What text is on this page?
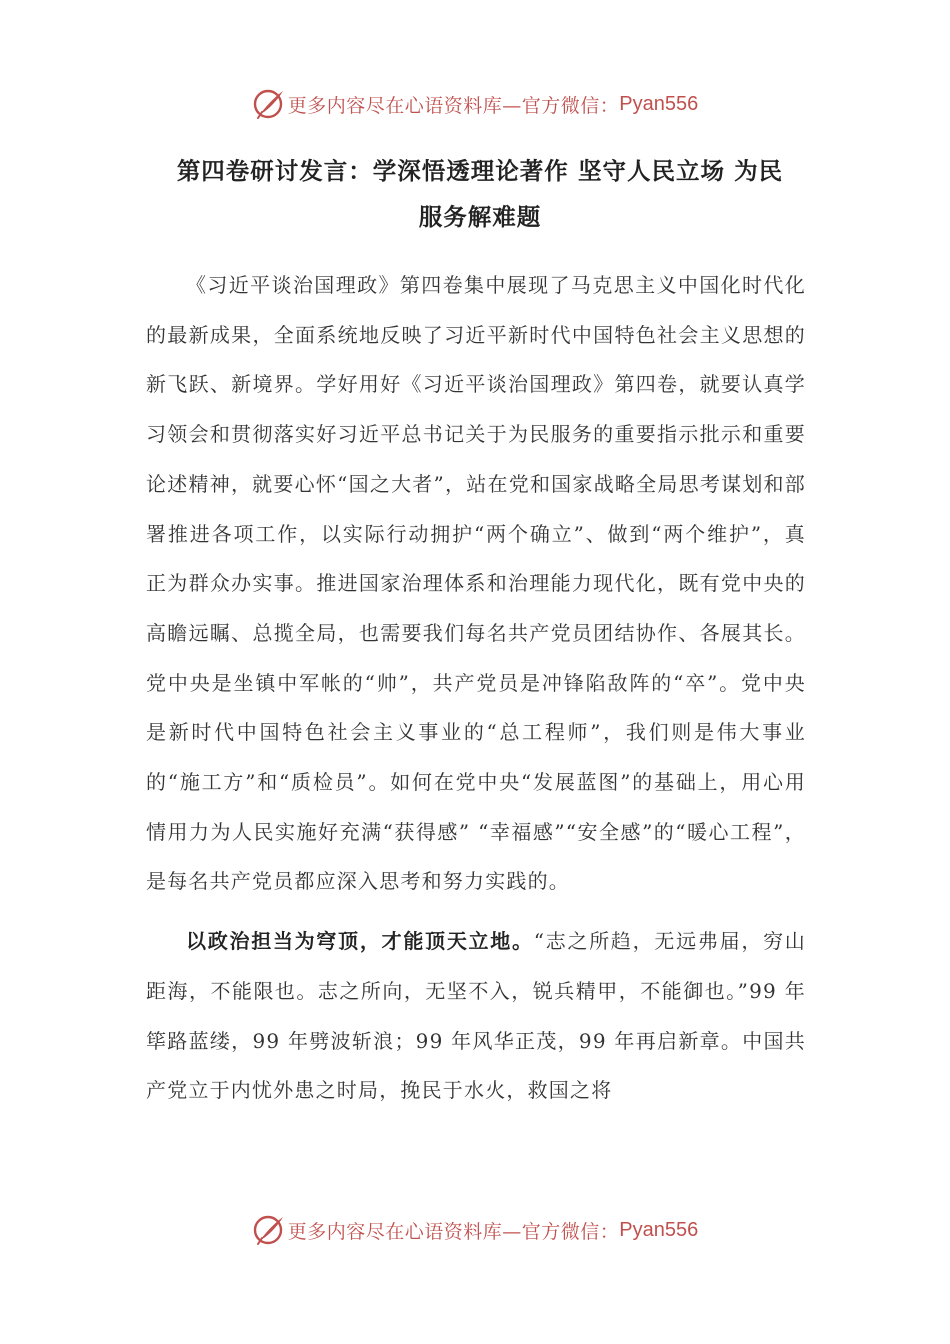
更多内容尽在心语资料库—官方微信： Pyan556
第四卷研讨发言：学深悟透理论著作 坚守人民立场 为民
服务解难题

《习近平谈治国理政》第四卷集中展现了马克思主义中国化时代化的最新成果，全面系统地反映了习近平新时代中国特色社会主义思想的新飞跃、新境界。学好用好《习近平谈治国理政》第四卷，就要认真学习领会和贯彻落实好习近平总书记关于为民服务的重要指示批示和重要论述精神，就要心怀“国之大者”，站在党和国家战略全局思考谋划和部署推进各项工作，以实际行动拥护“两个确立”、做到“两个维护”，真正为群众办实事。推进国家治理体系和治理能力现代化，既有党中央的高瞻远瞩、总揽全局，也需要我们每名共产党员团结协作、各展其长。党中央是坐镇中军帐的“帅”，共产党员是冲锋陷敌阵的“卒”。党中央是新时代中国特色社会主义事业的“总工程师”，我们则是伟大事业的“施工方”和“质检员”。如何在党中央“发展蓝图”的基础上，用心用情用力为人民实施好充满“获得感” “幸福感”“安全感”的“暖心工程”，是每名共产党员都应深入思考和努力实践的。

以政治担当为穹顶，才能顶天立地。“志之所趋，无远弗届，穷山距海，不能限也。志之所向，无坚不入，锐兵精甲，不能御也。”99 年筚路蓝缕，99 年劈波斩浪；99 年风华正茂，99 年再启新章。中国共产党立于内忧外患之时局，挽民于水火，救国之将

更多内容尽在心语资料库—官方微信： Pyan556
